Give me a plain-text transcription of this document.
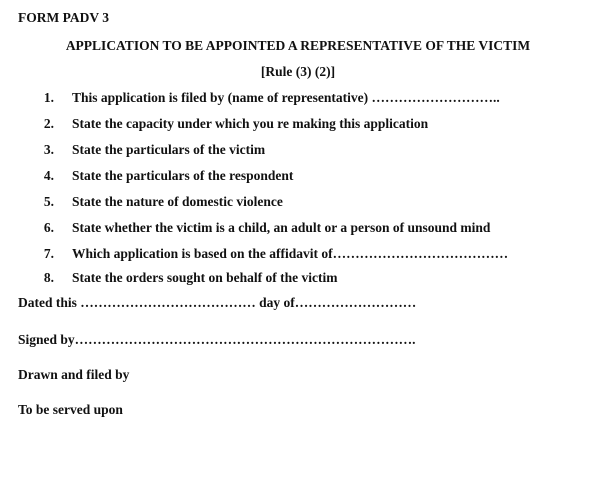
FORM PADV 3
APPLICATION TO BE APPOINTED A REPRESENTATIVE OF THE VICTIM
[Rule (3) (2)]
1. This application is filed by (name of representative) ………………………..
2. State the capacity under which you re making this application
3. State the particulars of the victim
4. State the particulars of the respondent
5. State the nature of domestic violence
6. State whether the victim is a child, an adult or a person of unsound mind
7. Which application is based on the affidavit of…………………………………
8. State the orders sought on behalf of the victim
Dated this ………………………………… day of………………………
Signed by………………………………………………………………….
Drawn and filed by
To be served upon
